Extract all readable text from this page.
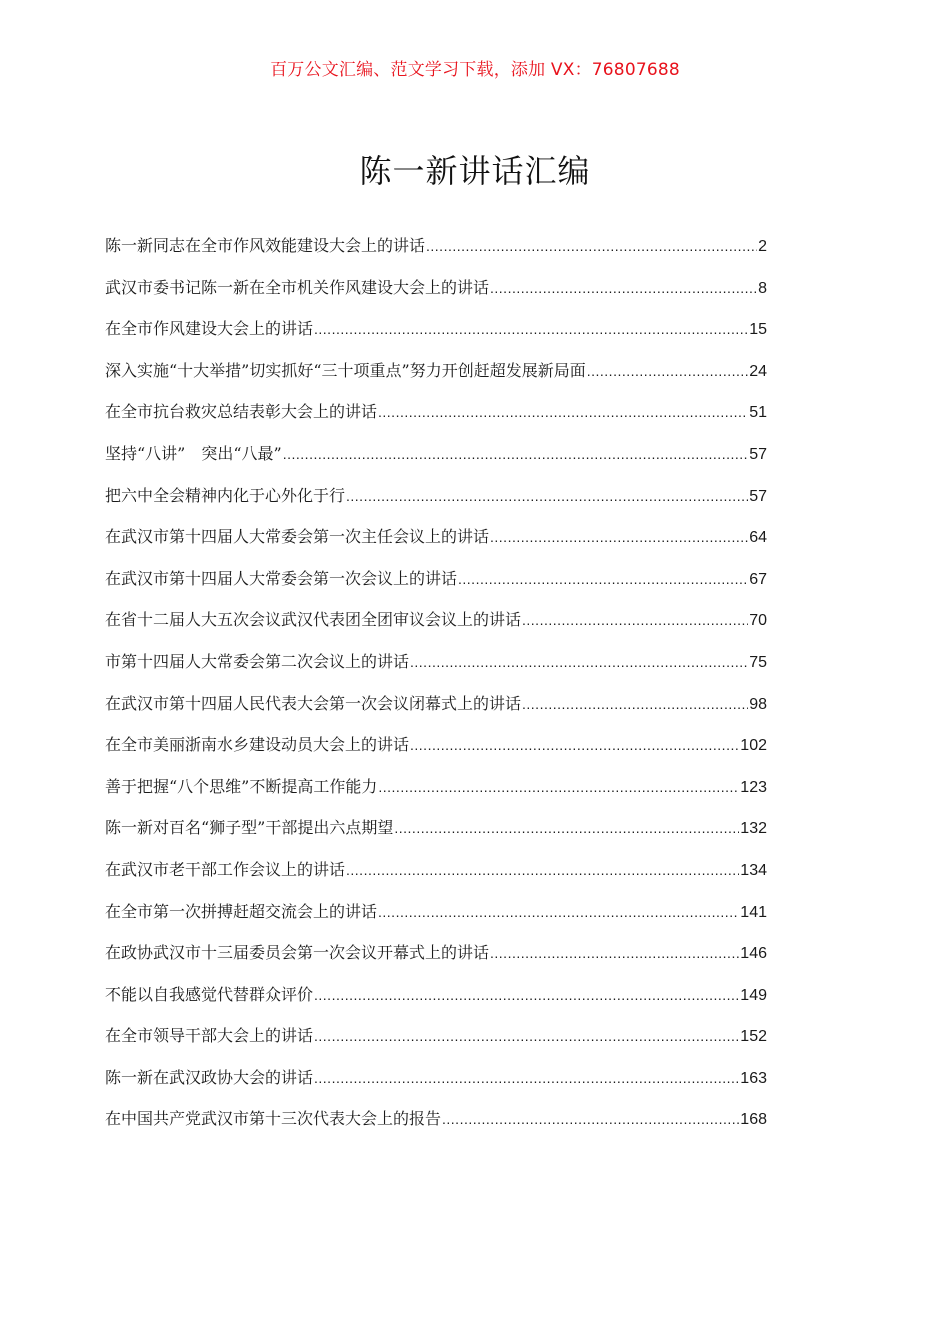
百万公文汇编、范文学习下载，添加 VX：76807688
陈一新讲话汇编
陈一新同志在全市作风效能建设大会上的讲话 .....	2
武汉市委书记陈一新在全市机关作风建设大会上的讲话 .....	8
在全市作风建设大会上的讲话 .....	15
深入实施“十大举措”切实抓好“三十项重点”努力开创赶超发展新局面 .....	24
在全市抗台救灾总结表彰大会上的讲话 .....	51
坚持“八讲”　突出“八最” .....	57
把六中全会精神内化于心外化于行 .....	57
在武汉市第十四届人大常委会第一次主任会议上的讲话 .....	64
在武汉市第十四届人大常委会第一次会议上的讲话 .....	67
在省十二届人大五次会议武汉代表团全团审议会议上的讲话 .....	70
市第十四届人大常委会第二次会议上的讲话 .....	75
在武汉市第十四届人民代表大会第一次会议闭幕式上的讲话 .....	98
在全市美丽浙南水乡建设动员大会上的讲话 .....	102
善于把握“八个思维”不断提高工作能力 .....	123
陈一新对百名“狮子型”干部提出六点期望 .....	132
在武汉市老干部工作会议上的讲话 .....	134
在全市第一次拼搏赶超交流会上的讲话 .....	141
在政协武汉市十三届委员会第一次会议开幕式上的讲话 .....	146
不能以自我感觉代替群众评价 .....	149
在全市领导干部大会上的讲话 .....	152
陈一新在武汉政协大会的讲话 .....	163
在中国共产党武汉市第十三次代表大会上的报告 .....	168
